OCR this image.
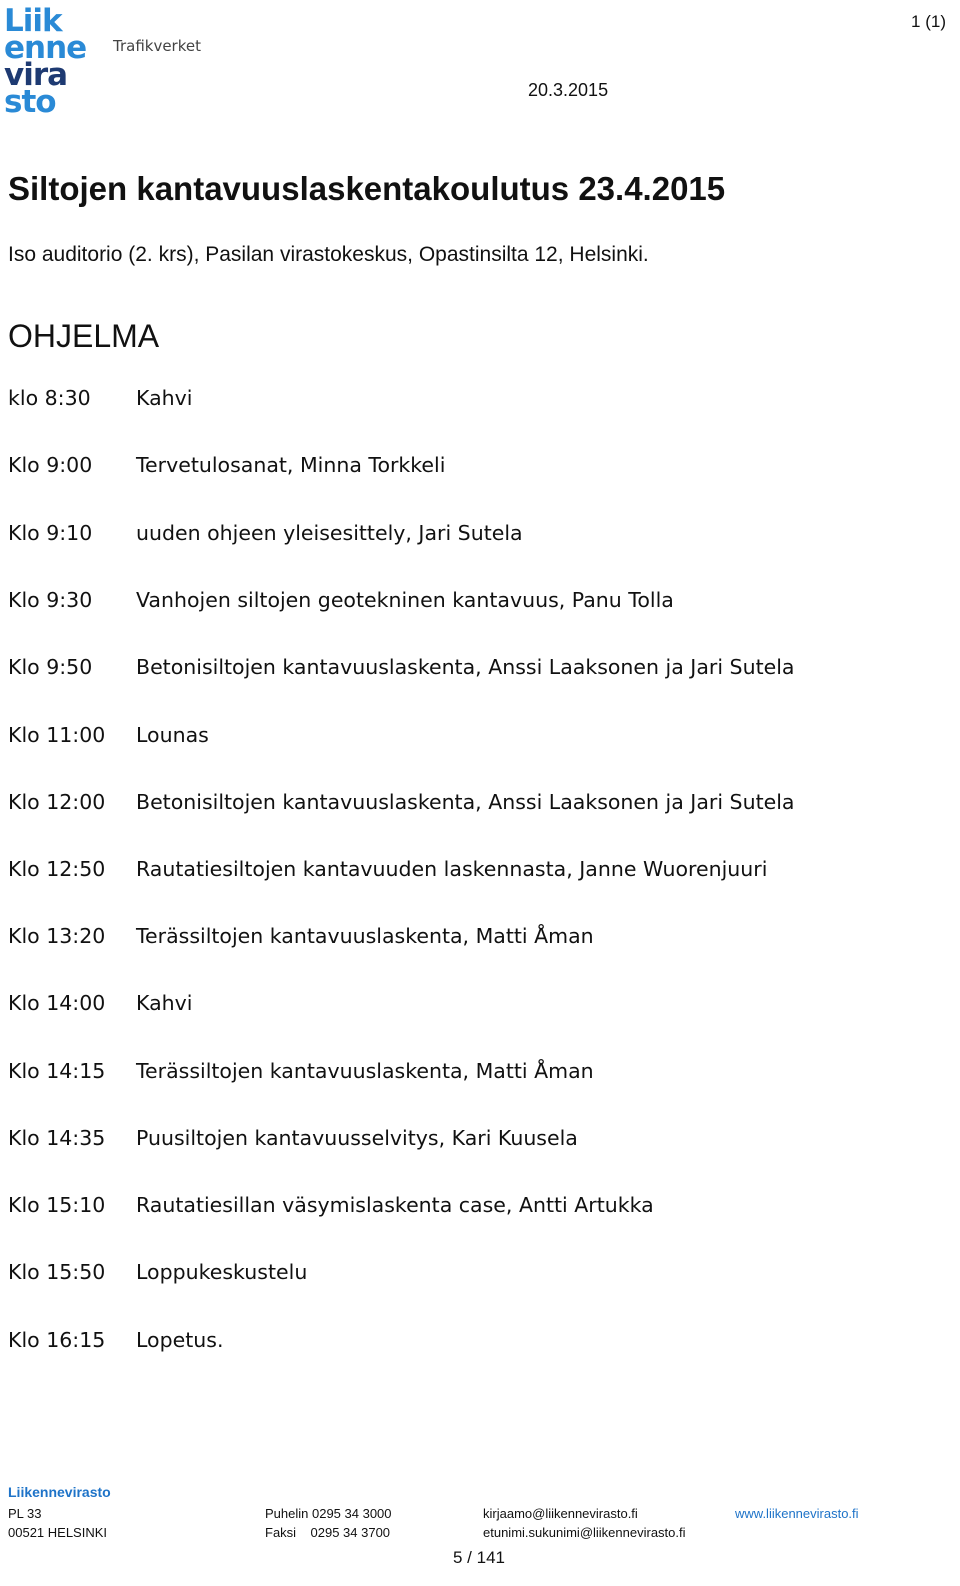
Liik
enne
vira
sto
Trafikverket
1 (1)
20.3.2015
Siltojen kantavuuslaskentakoulutus 23.4.2015
Iso auditorio (2. krs), Pasilan virastokeskus, Opastinsilta 12, Helsinki.
OHJELMA
klo 8:30 Kahvi
Klo 9:00 Tervetulosanat, Minna Torkkeli
Klo 9:10 uuden ohjeen yleisesittely, Jari Sutela
Klo 9:30 Vanhojen siltojen geotekninen kantavuus, Panu Tolla
Klo 9:50 Betonisiltojen kantavuuslaskenta, Anssi Laaksonen ja Jari Sutela
Klo 11:00 Lounas
Klo 12:00 Betonisiltojen kantavuuslaskenta, Anssi Laaksonen ja Jari Sutela
Klo 12:50 Rautatiesiltojen kantavuuden laskennasta, Janne Wuorenjuuri
Klo 13:20 Terässiltojen kantavuuslaskenta, Matti Åman
Klo 14:00 Kahvi
Klo 14:15 Terässiltojen kantavuuslaskenta, Matti Åman
Klo 14:35 Puusiltojen kantavuusselvitys, Kari Kuusela
Klo 15:10 Rautatiesillan väsymislaskenta case, Antti Artukka
Klo 15:50 Loppukeskustelu
Klo 16:15 Lopetus.
Liikennevirasto
PL 33
00521 HELSINKI
Puhelin 0295 34 3000
Faksi    0295 34 3700
kirjaamo@liikennevirasto.fi
etunimi.sukunimi@liikennevirasto.fi
www.liikennevirasto.fi
5 / 141
